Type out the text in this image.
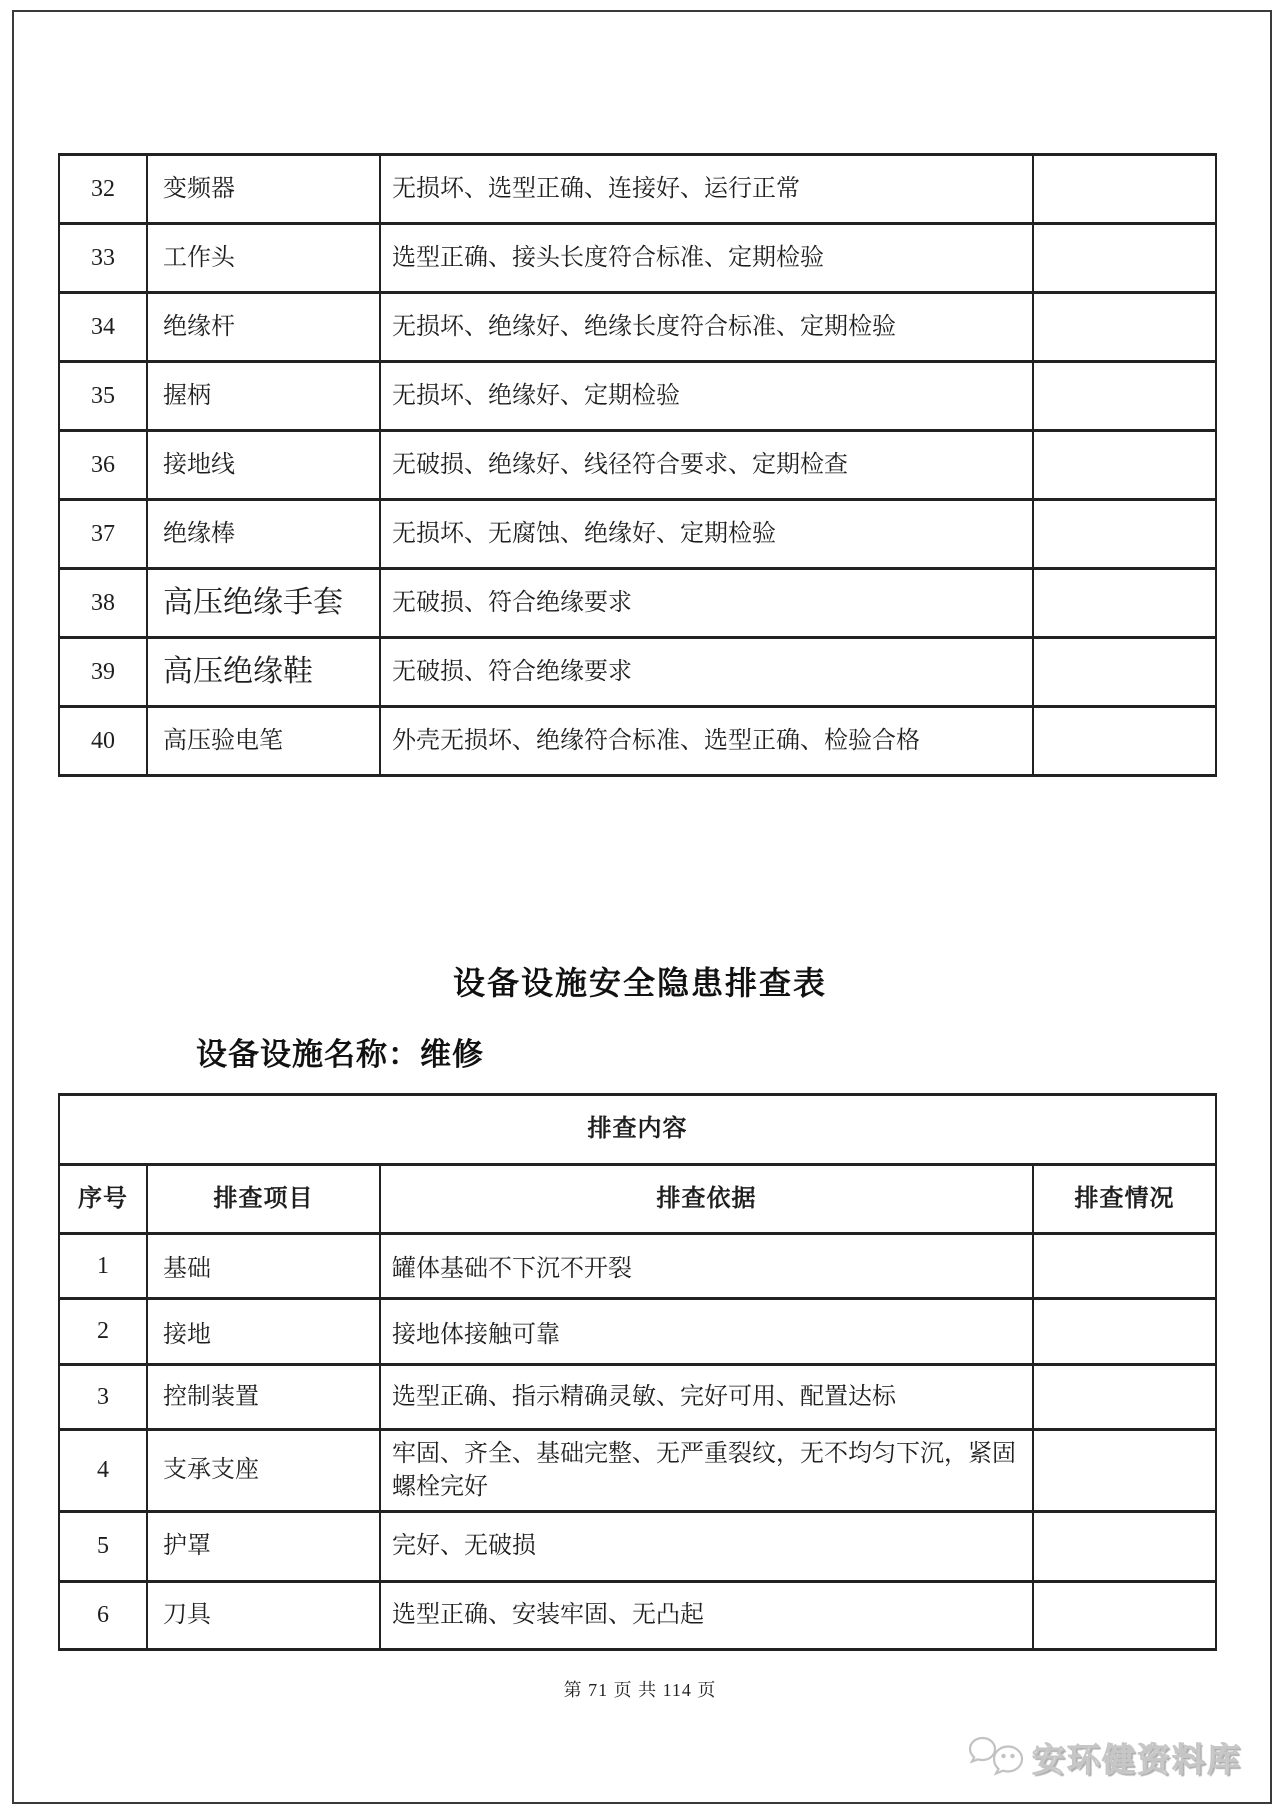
32	变频器	无损坏、选型正确、连接好、运行正常	
33	工作头	选型正确、接头长度符合标准、定期检验	
34	绝缘杆	无损坏、绝缘好、绝缘长度符合标准、定期检验	
35	握柄	无损坏、绝缘好、定期检验	
36	接地线	无破损、绝缘好、线径符合要求、定期检查	
37	绝缘棒	无损坏、无腐蚀、绝缘好、定期检验	
38	高压绝缘手套	无破损、符合绝缘要求	
39	高压绝缘鞋	无破损、符合绝缘要求	
40	高压验电笔	外壳无损坏、绝缘符合标准、选型正确、检验合格	
设备设施安全隐患排查表
设备设施名称：维修
排查内容			
序号	排查项目	排查依据	排查情况
1	基础	罐体基础不下沉不开裂	
2	接地	接地体接触可靠	
3	控制装置	选型正确、指示精确灵敏、完好可用、配置达标	
4	支承支座	牢固、齐全、基础完整、无严重裂纹，无不均匀下沉，紧固螺栓完好	
5	护罩	完好、无破损	
6	刀具	选型正确、安装牢固、无凸起	
第 71 页 共 114 页
安环健资料库
